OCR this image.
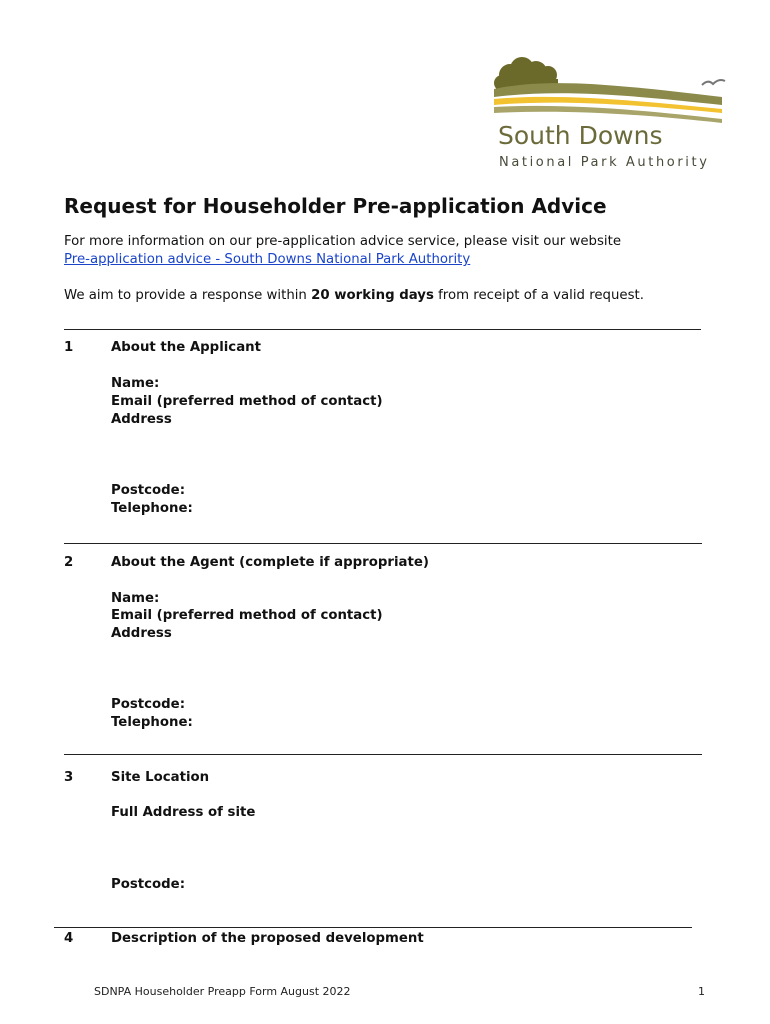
South Downs
National Park Authority
Request for Householder Pre-application Advice
For more information on our pre-application advice service, please visit our website
Pre-application advice - South Downs National Park Authority
We aim to provide a response within 20 working days from receipt of a valid request.
1	About the Applicant
Name:
Email (preferred method of contact)
Address
Postcode:
Telephone:
2	About the Agent (complete if appropriate)
Name:
Email (preferred method of contact)
Address
Postcode:
Telephone:
3	Site Location
Full Address of site
Postcode:
4	Description of the proposed development
SDNPA Householder Preapp Form August 2022	1
